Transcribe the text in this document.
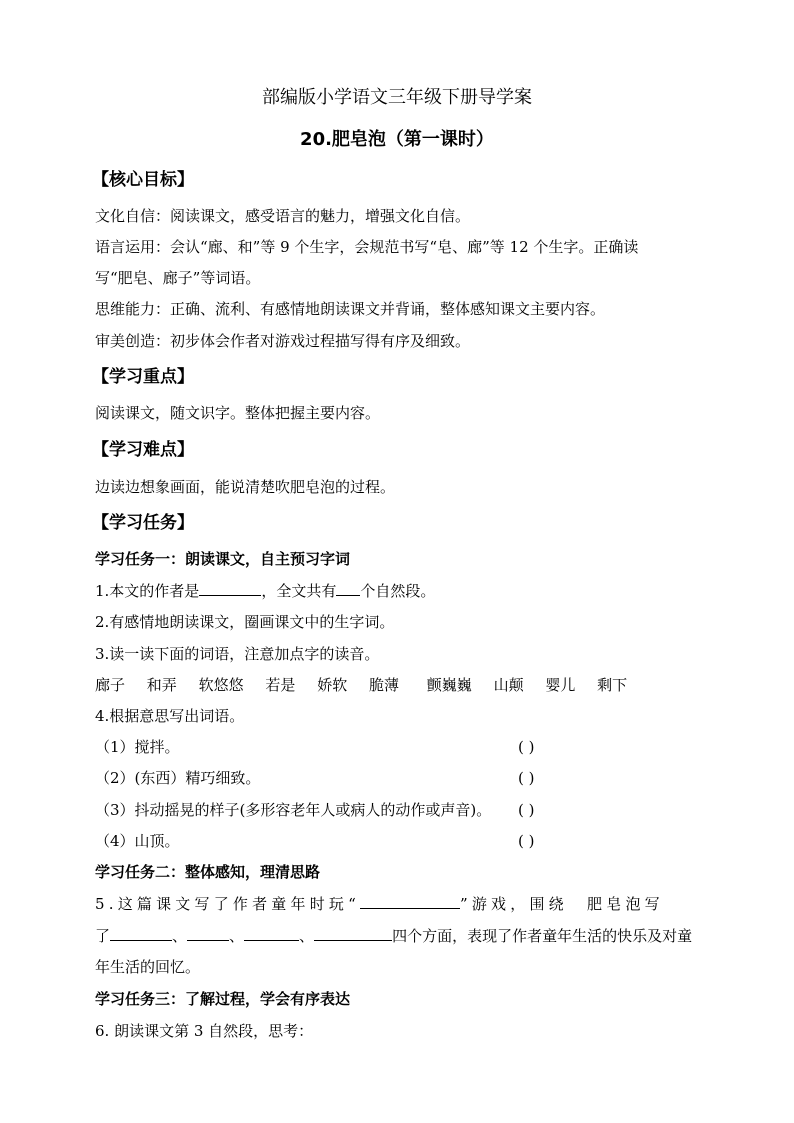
部编版小学语文三年级下册导学案
20.肥皂泡（第一课时）
【核心目标】
文化自信：阅读课文，感受语言的魅力，增强文化自信。
语言运用：会认“廊、和”等 9 个生字，会规范书写“皂、廊”等 12 个生字。正确读
写“肥皂、廊子”等词语。
思维能力：正确、流利、有感情地朗读课文并背诵，整体感知课文主要内容。
审美创造：初步体会作者对游戏过程描写得有序及细致。
【学习重点】
阅读课文，随文识字。整体把握主要内容。
【学习难点】
边读边想象画面，能说清楚吹肥皂泡的过程。
【学习任务】
学习任务一：朗读课文，自主预习字词
1.本文的作者是	，全文共有 个自然段。
2.有感情地朗读课文，圈画课文中的生字词。
3.读一读下面的词语，注意加点字的读音。
廊子 和弄 软悠悠 若是 娇软 脆薄 颤巍巍 山颠 婴儿 剩下
4.根据意思写出词语。
（1）搅拌。	( )
（2）(东西）精巧细致。	( )
（3）抖动摇晃的样子(多形容老年人或病人的动作或声音)。 ( )
（4）山顶。	( )
学习任务二：整体感知，理清思路
5.这篇课文写了作者童年时玩“	”游戏，围绕　肥皂泡写
了	、	、	、	四个方面，表现了作者童年生活的快乐及对童
年生活的回忆。
学习任务三：了解过程，学会有序表达
6. 朗读课文第 3 自然段，思考：
